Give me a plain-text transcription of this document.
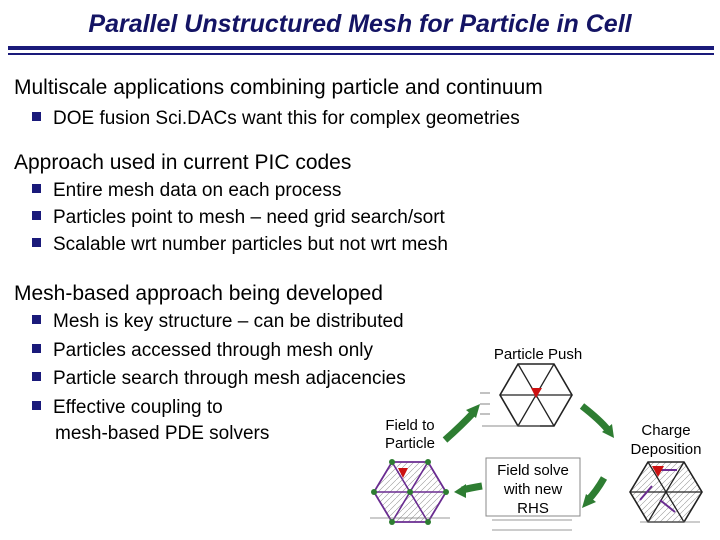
Parallel Unstructured Mesh for Particle in Cell
Multiscale applications combining particle and continuum
DOE fusion Sci.DACs want this for complex geometries
Approach used in current PIC codes
Entire mesh data on each process
Particles point to mesh – need grid search/sort
Scalable wrt number particles but not wrt mesh
Mesh-based approach being developed
Mesh is key structure – can be distributed
Particles accessed through mesh only
Particle search through mesh adjacencies
Effective coupling to
mesh-based PDE solvers
Particle Push
Field to
Particle
Charge
Deposition
Field solve
with new
RHS
